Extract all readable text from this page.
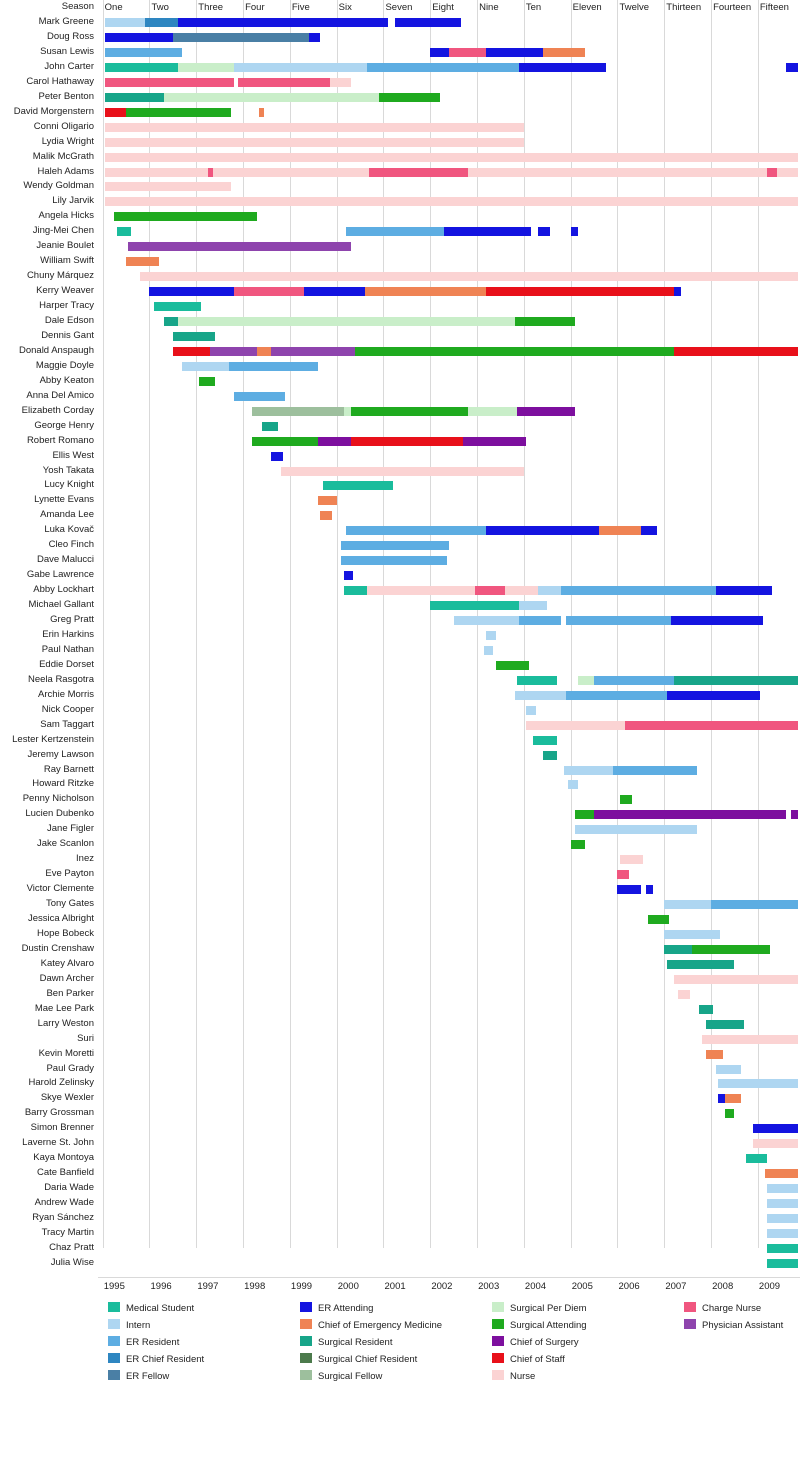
Season
Mark Greene
Doug Ross
Susan Lewis
John Carter
Carol Hathaway
Peter Benton
David Morgenstern
Conni Oligario
Lydia Wright
Malik McGrath
Haleh Adams
Wendy Goldman
Lily Jarvik
Angela Hicks
Jing-Mei Chen
Jeanie Boulet
William Swift
Chuny Márquez
Kerry Weaver
Harper Tracy
Dale Edson
Dennis Gant
Donald Anspaugh
Maggie Doyle
Abby Keaton
Anna Del Amico
Elizabeth Corday
George Henry
Robert Romano
Ellis West
Yosh Takata
Lucy Knight
Lynette Evans
Amanda Lee
Luka Kovač
Cleo Finch
Dave Malucci
Gabe Lawrence
Abby Lockhart
Michael Gallant
Greg Pratt
Erin Harkins
Paul Nathan
Eddie Dorset
Neela Rasgotra
Archie Morris
Nick Cooper
Sam Taggart
Lester Kertzenstein
Jeremy Lawson
Ray Barnett
Howard Ritzke
Penny Nicholson
Lucien Dubenko
Jane Figler
Jake Scanlon
Inez
Eve Payton
Victor Clemente
Tony Gates
Jessica Albright
Hope Bobeck
Dustin Crenshaw
Katey Alvaro
Dawn Archer
Ben Parker
Mae Lee Park
Larry Weston
Suri
Kevin Moretti
Paul Grady
Harold Zelinsky
Skye Wexler
Barry Grossman
Simon Brenner
Laverne St. John
Kaya Montoya
Cate Banfield
Daria Wade
Andrew Wade
Ryan Sánchez
Tracy Martin
Chaz Pratt
Julia Wise
One	Two	Three Four	Five	Six	Seven Eight	Nine	Ten	Eleven Twelve Thirteen Fourteen Fifteen
1995	1996	1997	1998	1999	2000	2001	2002	2003	2004	2005	2006	2007	2008	2009
Medical Student
Intern
ER Resident
ER Chief Resident
ER Fellow
ER Attending
Chief of Emergency Medicine
Surgical Resident
Surgical Chief Resident
Surgical Fellow
Surgical Per Diem
Surgical Attending
Chief of Surgery
Chief of Staff
Nurse
Charge Nurse
Physician Assistant
